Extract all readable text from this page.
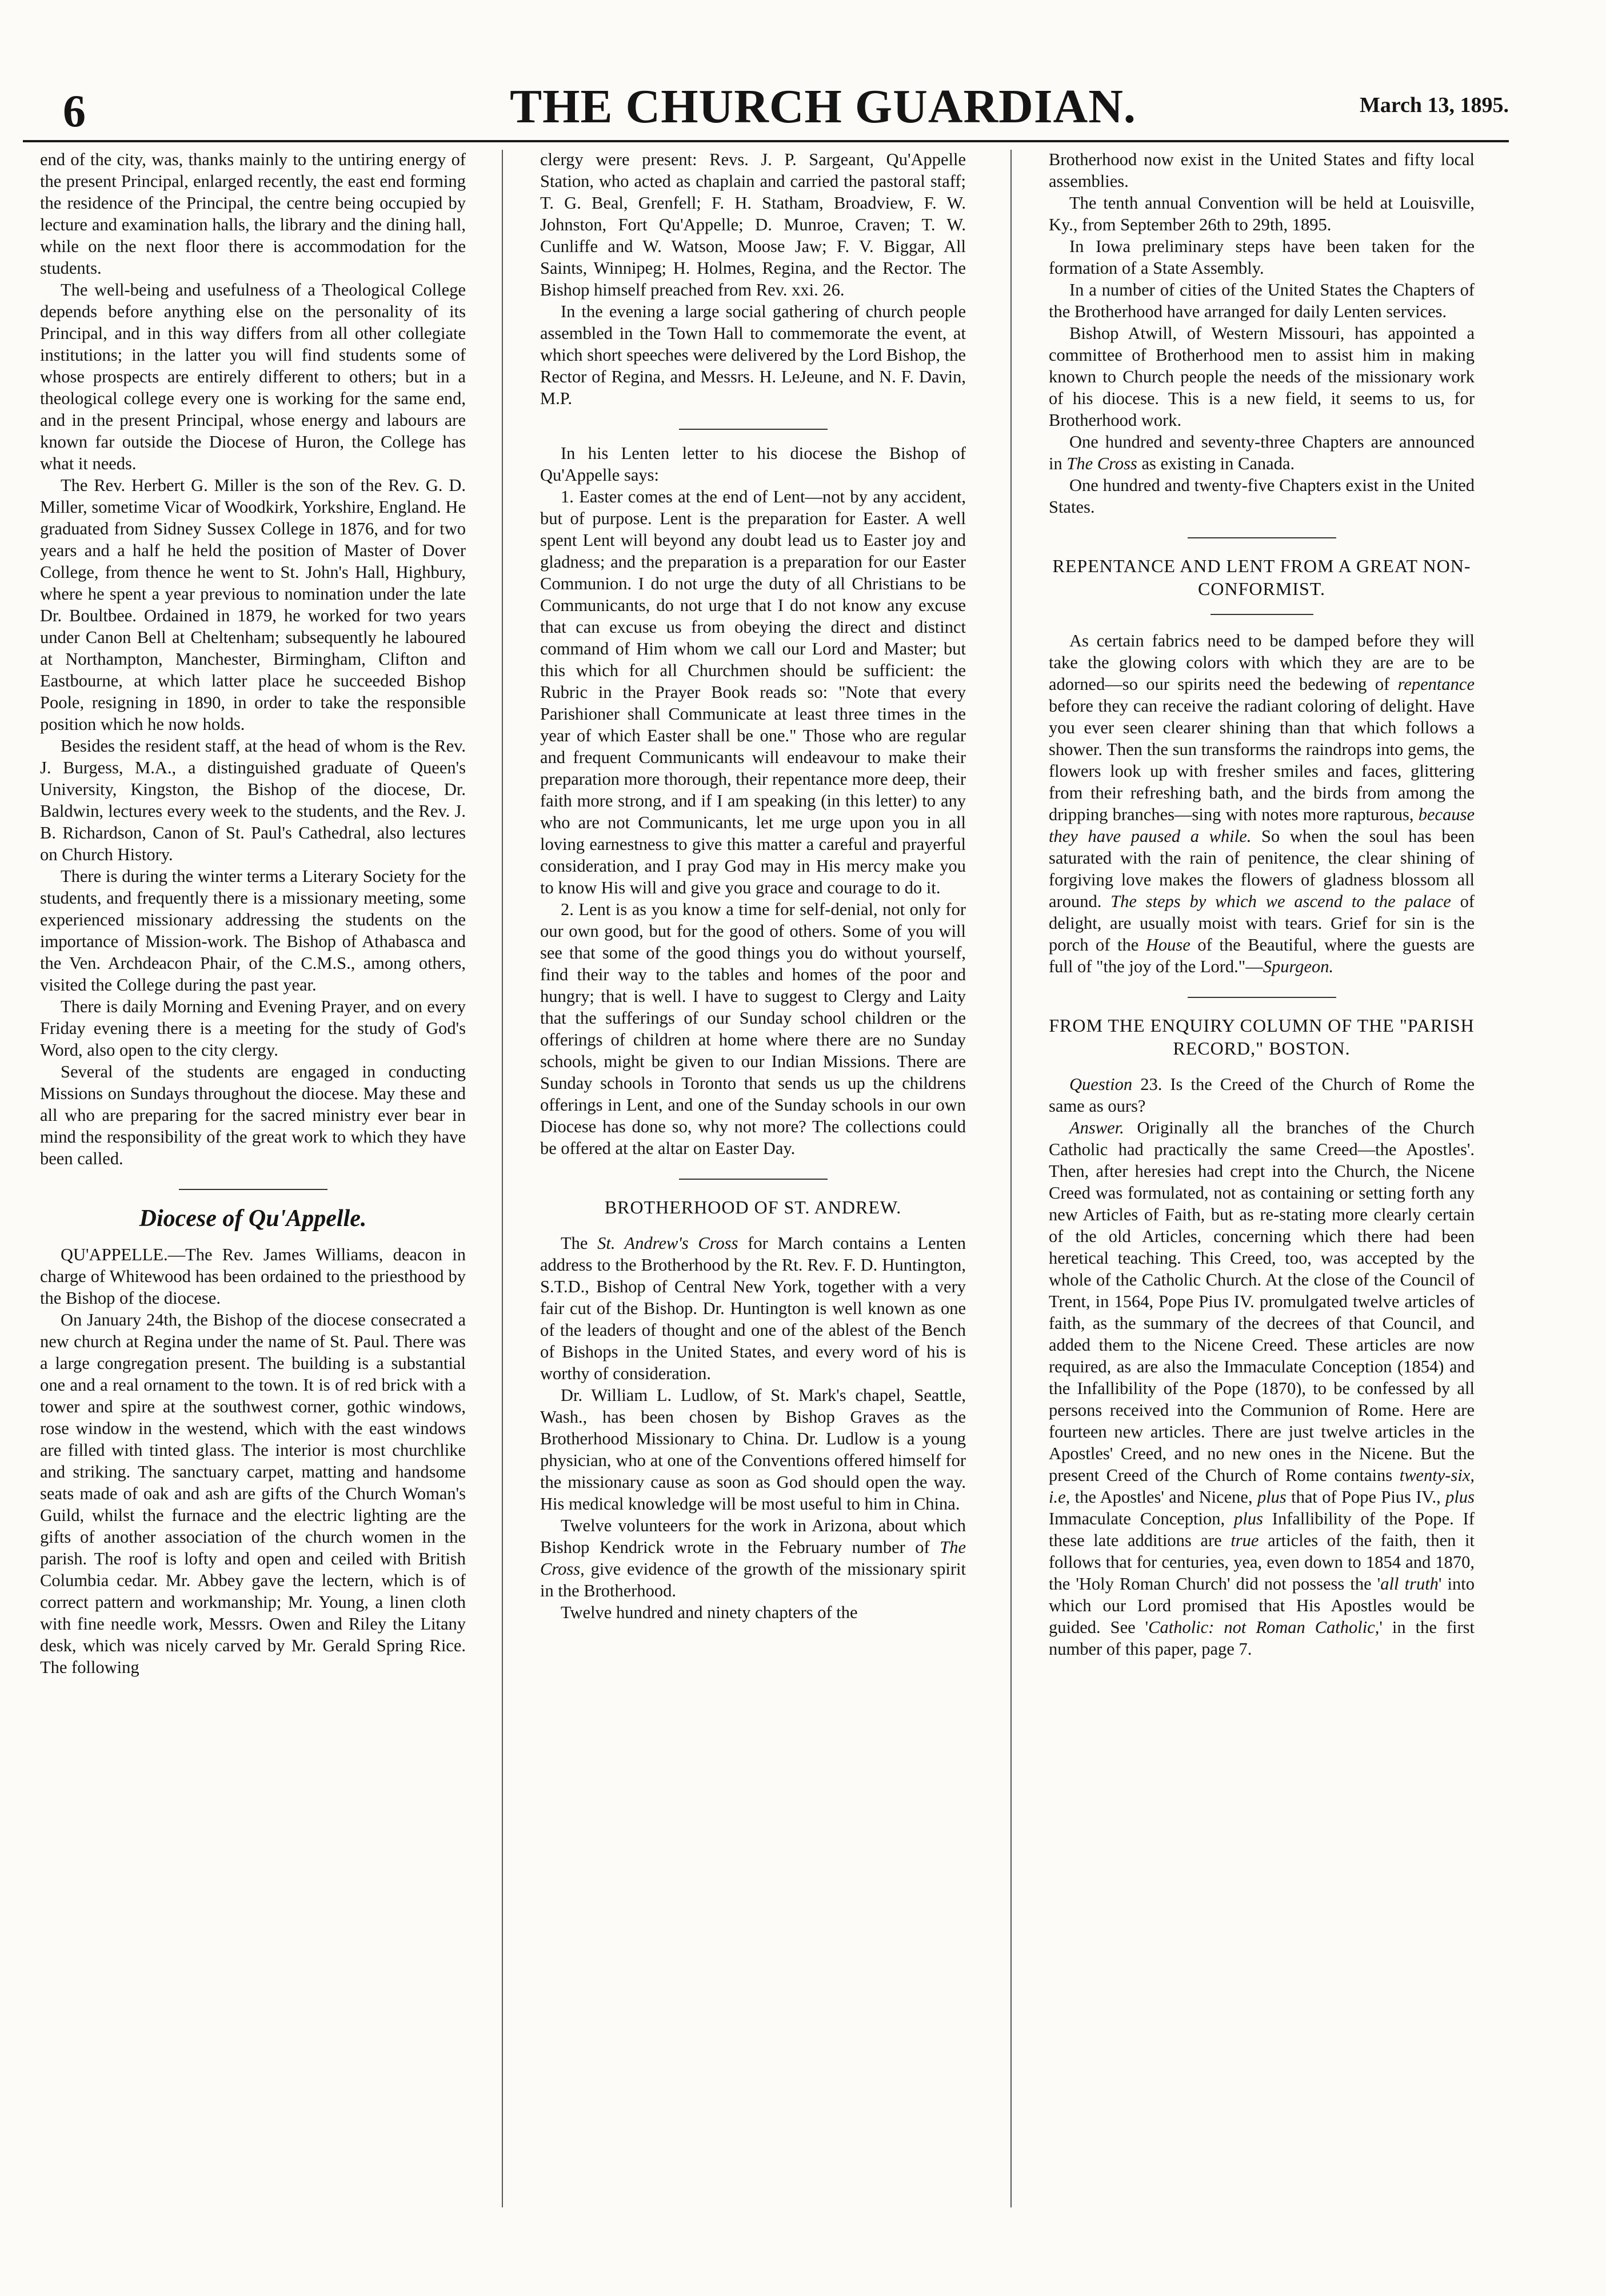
6	THE CHURCH GUARDIAN.	March 13, 1895.

end of the city, was, thanks mainly to the untiring energy of the present Principal, enlarged recently, the east end forming the residence of the Principal, the centre being occupied by lecture and examination halls, the library and the dining hall, while on the next floor there is accommodation for the students.

The well-being and usefulness of a Theological College depends before anything else on the personality of its Principal, and in this way differs from all other collegiate institutions; in the latter you will find students some of whose prospects are entirely different to others; but in a theological college every one is working for the same end, and in the present Principal, whose energy and labours are known far outside the Diocese of Huron, the College has what it needs.

The Rev. Herbert G. Miller is the son of the Rev. G. D. Miller, sometime Vicar of Woodkirk, Yorkshire, England. He graduated from Sidney Sussex College in 1876, and for two years and a half he held the position of Master of Dover College, from thence he went to St. John's Hall, Highbury, where he spent a year previous to nomination under the late Dr. Boultbee. Ordained in 1879, he worked for two years under Canon Bell at Cheltenham; subsequently he laboured at Northampton, Manchester, Birmingham, Clifton and Eastbourne, at which latter place he succeeded Bishop Poole, resigning in 1890, in order to take the responsible position which he now holds.

Besides the resident staff, at the head of whom is the Rev. J. Burgess, M.A., a distinguished graduate of Queen's University, Kingston, the Bishop of the diocese, Dr. Baldwin, lectures every week to the students, and the Rev. J. B. Richardson, Canon of St. Paul's Cathedral, also lectures on Church History.

There is during the winter terms a Literary Society for the students, and frequently there is a missionary meeting, some experienced missionary addressing the students on the importance of Mission-work. The Bishop of Athabasca and the Ven. Archdeacon Phair, of the C.M.S., among others, visited the College during the past year.

There is daily Morning and Evening Prayer, and on every Friday evening there is a meeting for the study of God's Word, also open to the city clergy.

Several of the students are engaged in conducting Missions on Sundays throughout the diocese. May these and all who are preparing for the sacred ministry ever bear in mind the responsibility of the great work to which they have been called.

Diocese of Qu'Appelle.

QU'APPELLE.—The Rev. James Williams, deacon in charge of Whitewood has been ordained to the priesthood by the Bishop of the diocese.

On January 24th, the Bishop of the diocese consecrated a new church at Regina under the name of St. Paul. There was a large congregation present. The building is a substantial one and a real ornament to the town. It is of red brick with a tower and spire at the southwest corner, gothic windows, rose window in the westend, which with the east windows are filled with tinted glass. The interior is most churchlike and striking. The sanctuary carpet, matting and handsome seats made of oak and ash are gifts of the Church Woman's Guild, whilst the furnace and the electric lighting are the gifts of another association of the church women in the parish. The roof is lofty and open and ceiled with British Columbia cedar. Mr. Abbey gave the lectern, which is of correct pattern and workmanship; Mr. Young, a linen cloth with fine needle work, Messrs. Owen and Riley the Litany desk, which was nicely carved by Mr. Gerald Spring Rice. The following

clergy were present: Revs. J. P. Sargeant, Qu'Appelle Station, who acted as chaplain and carried the pastoral staff; T. G. Beal, Grenfell; F. H. Statham, Broadview, F. W. Johnston, Fort Qu'Appelle; D. Munroe, Craven; T. W. Cunliffe and W. Watson, Moose Jaw; F. V. Biggar, All Saints, Winnipeg; H. Holmes, Regina, and the Rector. The Bishop himself preached from Rev. xxi. 26.

In the evening a large social gathering of church people assembled in the Town Hall to commemorate the event, at which short speeches were delivered by the Lord Bishop, the Rector of Regina, and Messrs. H. LeJeune, and N. F. Davin, M.P.

In his Lenten letter to his diocese the Bishop of Qu'Appelle says:

1. Easter comes at the end of Lent—not by any accident, but of purpose. Lent is the preparation for Easter. A well spent Lent will beyond any doubt lead us to Easter joy and gladness; and the preparation is a preparation for our Easter Communion. I do not urge the duty of all Christians to be Communicants, do not urge that I do not know any excuse that can excuse us from obeying the direct and distinct command of Him whom we call our Lord and Master; but this which for all Churchmen should be sufficient: the Rubric in the Prayer Book reads so: "Note that every Parishioner shall Communicate at least three times in the year of which Easter shall be one." Those who are regular and frequent Communicants will endeavour to make their preparation more thorough, their repentance more deep, their faith more strong, and if I am speaking (in this letter) to any who are not Communicants, let me urge upon you in all loving earnestness to give this matter a careful and prayerful consideration, and I pray God may in His mercy make you to know His will and give you grace and courage to do it.

2. Lent is as you know a time for self-denial, not only for our own good, but for the good of others. Some of you will see that some of the good things you do without yourself, find their way to the tables and homes of the poor and hungry; that is well. I have to suggest to Clergy and Laity that the sufferings of our Sunday school children or the offerings of children at home where there are no Sunday schools, might be given to our Indian Missions. There are Sunday schools in Toronto that sends us up the childrens offerings in Lent, and one of the Sunday schools in our own Diocese has done so, why not more? The collections could be offered at the altar on Easter Day.

BROTHERHOOD OF ST. ANDREW.

The St. Andrew's Cross for March contains a Lenten address to the Brotherhood by the Rt. Rev. F. D. Huntington, S.T.D., Bishop of Central New York, together with a very fair cut of the Bishop. Dr. Huntington is well known as one of the leaders of thought and one of the ablest of the Bench of Bishops in the United States, and every word of his is worthy of consideration.

Dr. William L. Ludlow, of St. Mark's chapel, Seattle, Wash., has been chosen by Bishop Graves as the Brotherhood Missionary to China. Dr. Ludlow is a young physician, who at one of the Conventions offered himself for the missionary cause as soon as God should open the way. His medical knowledge will be most useful to him in China.

Twelve volunteers for the work in Arizona, about which Bishop Kendrick wrote in the February number of The Cross, give evidence of the growth of the missionary spirit in the Brotherhood.

Twelve hundred and ninety chapters of the

Brotherhood now exist in the United States and fifty local assemblies.

The tenth annual Convention will be held at Louisville, Ky., from September 26th to 29th, 1895.

In Iowa preliminary steps have been taken for the formation of a State Assembly.

In a number of cities of the United States the Chapters of the Brotherhood have arranged for daily Lenten services.

Bishop Atwill, of Western Missouri, has appointed a committee of Brotherhood men to assist him in making known to Church people the needs of the missionary work of his diocese. This is a new field, it seems to us, for Brotherhood work.

One hundred and seventy-three Chapters are announced in The Cross as existing in Canada.

One hundred and twenty-five Chapters exist in the United States.

REPENTANCE AND LENT FROM A GREAT NON-CONFORMIST.

As certain fabrics need to be damped before they will take the glowing colors with which they are are to be adorned—so our spirits need the bedewing of repentance before they can receive the radiant coloring of delight. Have you ever seen clearer shining than that which follows a shower. Then the sun transforms the raindrops into gems, the flowers look up with fresher smiles and faces, glittering from their refreshing bath, and the birds from among the dripping branches—sing with notes more rapturous, because they have paused a while. So when the soul has been saturated with the rain of penitence, the clear shining of forgiving love makes the flowers of gladness blossom all around. The steps by which we ascend to the palace of delight, are usually moist with tears. Grief for sin is the porch of the House of the Beautiful, where the guests are full of "the joy of the Lord."—Spurgeon.

FROM THE ENQUIRY COLUMN OF THE "PARISH RECORD," BOSTON.

Question 23. Is the Creed of the Church of Rome the same as ours?

Answer. Originally all the branches of the Church Catholic had practically the same Creed—the Apostles'. Then, after heresies had crept into the Church, the Nicene Creed was formulated, not as containing or setting forth any new Articles of Faith, but as re-stating more clearly certain of the old Articles, concerning which there had been heretical teaching. This Creed, too, was accepted by the whole of the Catholic Church. At the close of the Council of Trent, in 1564, Pope Pius IV. promulgated twelve articles of faith, as the summary of the decrees of that Council, and added them to the Nicene Creed. These articles are now required, as are also the Immaculate Conception (1854) and the Infallibility of the Pope (1870), to be confessed by all persons received into the Communion of Rome. Here are fourteen new articles. There are just twelve articles in the Apostles' Creed, and no new ones in the Nicene. But the present Creed of the Church of Rome contains twenty-six, i.e, the Apostles' and Nicene, plus that of Pope Pius IV., plus Immaculate Conception, plus Infallibility of the Pope. If these late additions are true articles of the faith, then it follows that for centuries, yea, even down to 1854 and 1870, the 'Holy Roman Church' did not possess the 'all truth' into which our Lord promised that His Apostles would be guided. See 'Catholic: not Roman Catholic,' in the first number of this paper, page 7.
